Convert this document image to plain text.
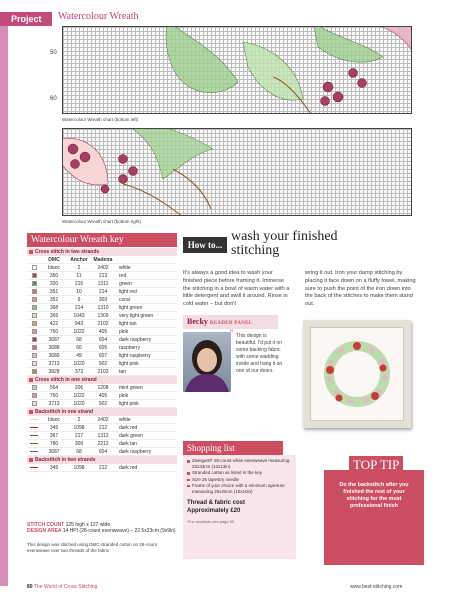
Project	Watercolour Wreath
50
60
Watercolour Wreath chart (bottom left)
Watercolour Wreath chart (bottom right)
Watercolour Wreath key
Cross stitch in two strands
DMC	Anchor	Madeira
blanc	2	2402	white
350	11	213	red
320	215	1311	green
351	10	214	light red
352	9	303	coral
368	214	1310	light green
369	1043	1309	very light green
422	943	2102	light tan
760	1022	405	pink
3687	68	604	dark raspberry
3688	66	605	raspberry
3689	49	607	light raspberry
3713	1020	502	light pink
3828	373	2103	tan
Cross stitch in one strand
564	206	1208	mint green
760	1022	405	pink
3713	1020	502	light pink
Backstitch in one strand
blanc	2	2402	white
349	1098	212	dark red
367	217	1312	dark green
780	309	2212	dark tan
3687	68	604	dark raspberry
Backstitch in two strands
349	1098	212	dark red
STITCH COUNT 125 high x 127 wide
DESIGN AREA 14 HPI (28-count evenweave) – 22.5x23cm (9x9in)
This design was stitched using DMC stranded cotton on 28-count evenweave over two threads of the fabric
How to...
wash your finished stitching
It's always a good idea to wash your finished piece before framing it. Immerse the stitching in a bowl of warm water with a little detergent and swill it around. Rinse in cold water – but don't
wring it out. Iron your damp stitching by placing it face down on a fluffy towel, making sure to push the point of the iron down into the back of the stitches to make them stand out.
Becky READER PANEL
“ This design is beautiful. I'd put it on some backing fabric with some wadding inside and hang it on one of our doors.
Shopping list
Zweigart® 28-count white evenweave measuring 33x33cm (13x13in)
Stranded cotton as listed in the key
Size 26 tapestry needle
Frame of your choice with a minimum aperture measuring 25x25cm (10x10in)
Thread & fabric cost
Approximately £20
*For stockists see page 90
TOP TIP
Do the backstitch after you finished the rest of your stitching for the most professional finish
80 The World of Cross Stitching	www.best-stitching.com
